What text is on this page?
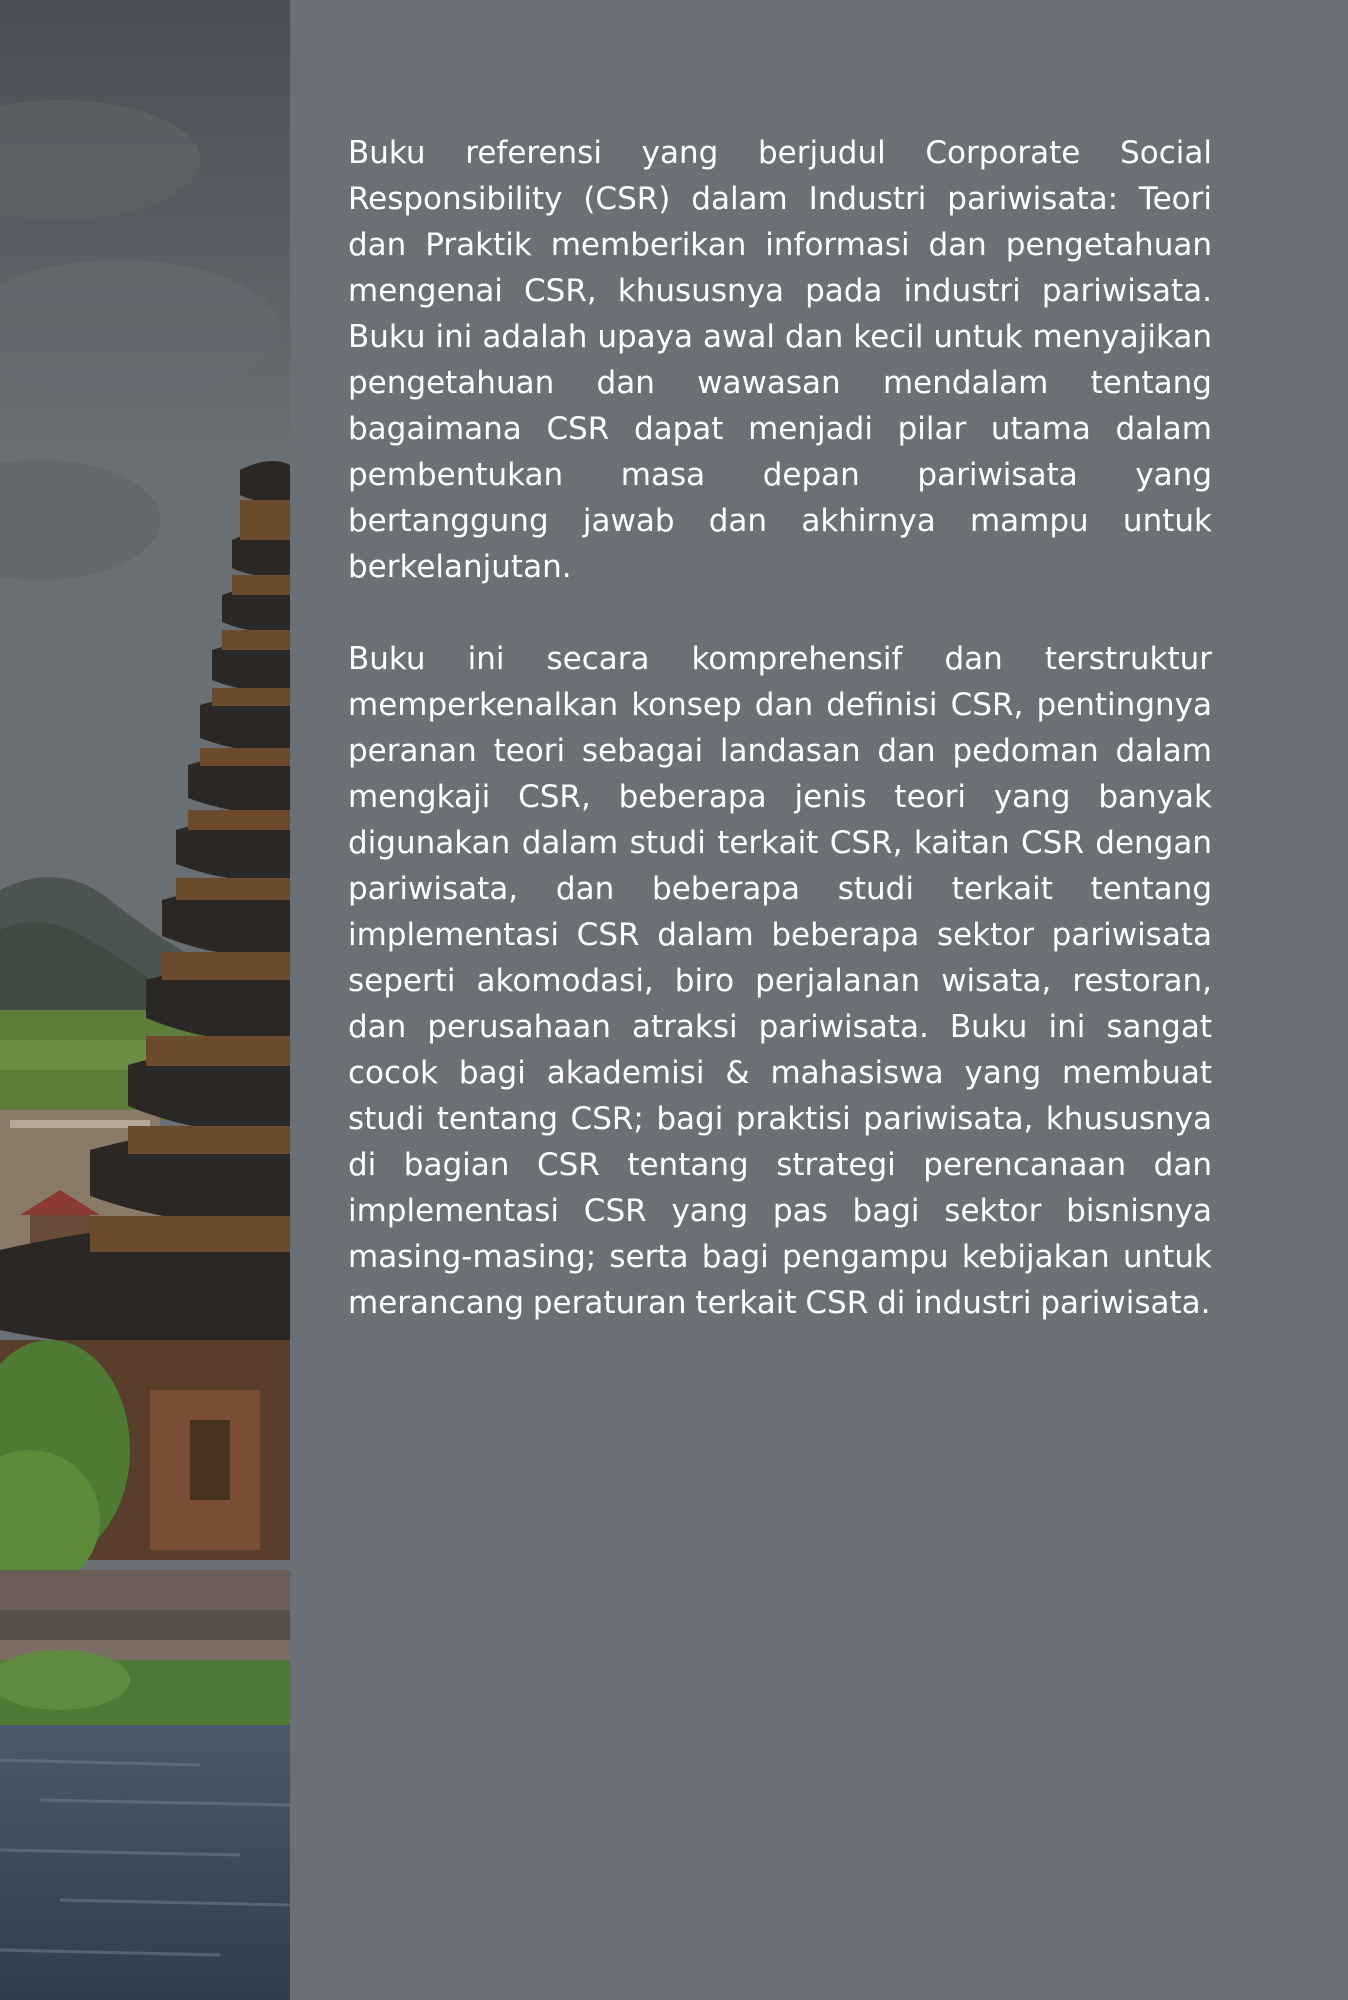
Buku referensi yang berjudul Corporate Social Responsibility (CSR) dalam Industri pariwisata: Teori dan Praktik memberikan informasi dan pengetahuan mengenai CSR, khususnya pada industri pariwisata. Buku ini adalah upaya awal dan kecil untuk menyajikan pengetahuan dan wawasan mendalam tentang bagaimana CSR dapat menjadi pilar utama dalam pembentukan masa depan pariwisata yang bertanggung jawab dan akhirnya mampu untuk berkelanjutan.

Buku ini secara komprehensif dan terstruktur memperkenalkan konsep dan definisi CSR, pentingnya peranan teori sebagai landasan dan pedoman dalam mengkaji CSR, beberapa jenis teori yang banyak digunakan dalam studi terkait CSR, kaitan CSR dengan pariwisata, dan beberapa studi terkait tentang implementasi CSR dalam beberapa sektor pariwisata seperti akomodasi, biro perjalanan wisata, restoran, dan perusahaan atraksi pariwisata. Buku ini sangat cocok bagi akademisi & mahasiswa yang membuat studi tentang CSR; bagi praktisi pariwisata, khususnya di bagian CSR tentang strategi perencanaan dan implementasi CSR yang pas bagi sektor bisnisnya masing-masing; serta bagi pengampu kebijakan untuk merancang peraturan terkait CSR di industri pariwisata.
